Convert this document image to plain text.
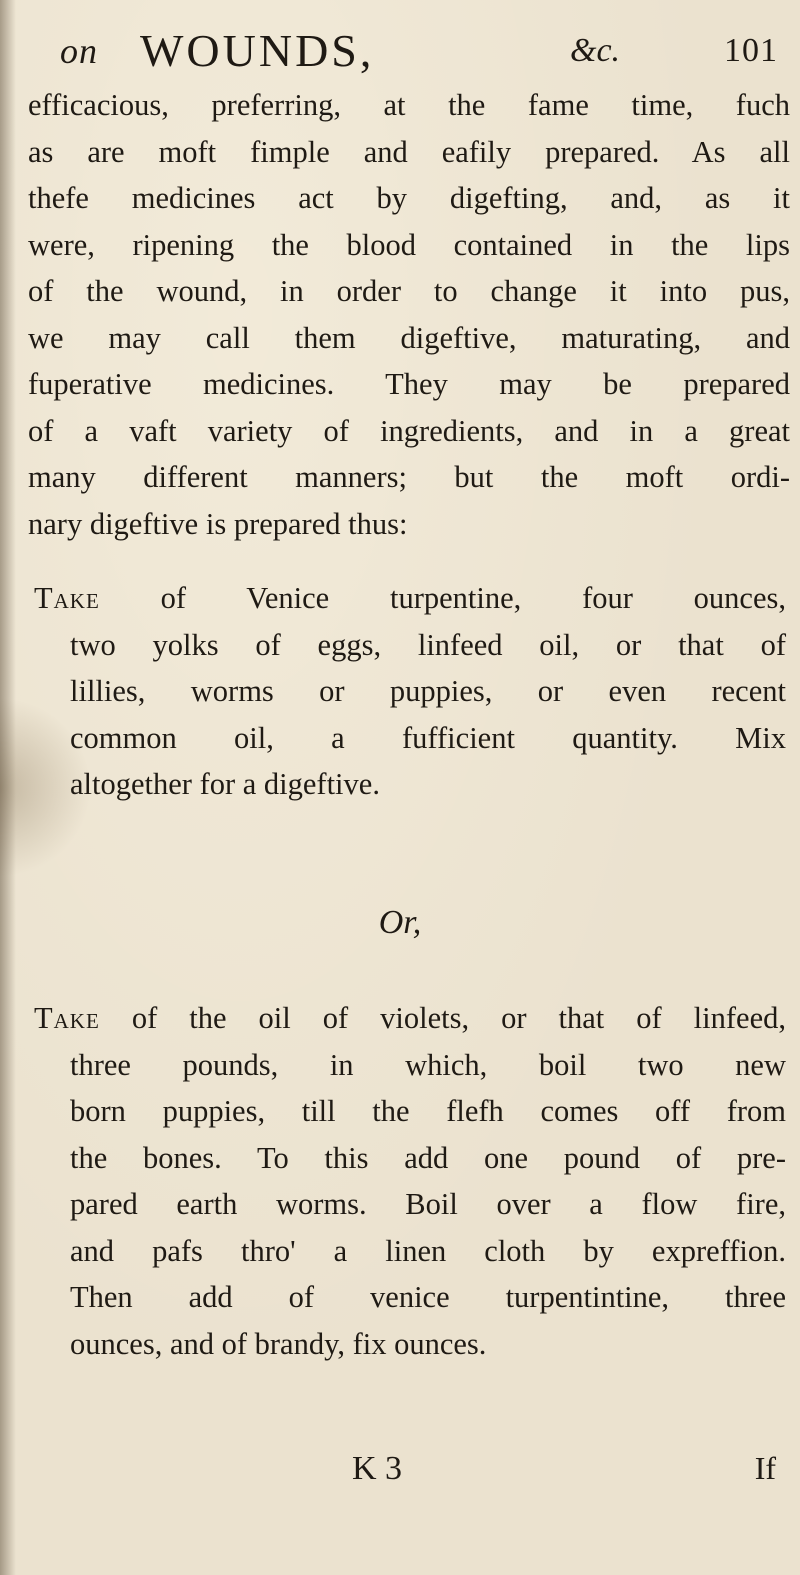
on WOUNDS,	&c.	101
efficacious, preferring, at the fame time, fuch
as are moft fimple and eafily prepared. As all
thefe medicines act by digefting, and, as it
were, ripening the blood contained in the lips
of the wound, in order to change it into pus,
we may call them digeftive, maturating, and
fuperative medicines. They may be prepared
of a vaft variety of ingredients, and in a great
many different manners; but the moft ordi-
nary digeftive is prepared thus:
Take of Venice turpentine, four ounces,
two yolks of eggs, linfeed oil, or that of
lillies, worms or puppies, or even recent
common oil, a fufficient quantity. Mix
altogether for a digeftive.
Or,
Take of the oil of violets, or that of linfeed,
three pounds, in which, boil two new
born puppies, till the flefh comes off from
the bones. To this add one pound of pre-
pared earth worms. Boil over a flow fire,
and pafs thro' a linen cloth by expreffion.
Then add of venice turpentintine, three
ounces, and of brandy, fix ounces.
K 3	If
